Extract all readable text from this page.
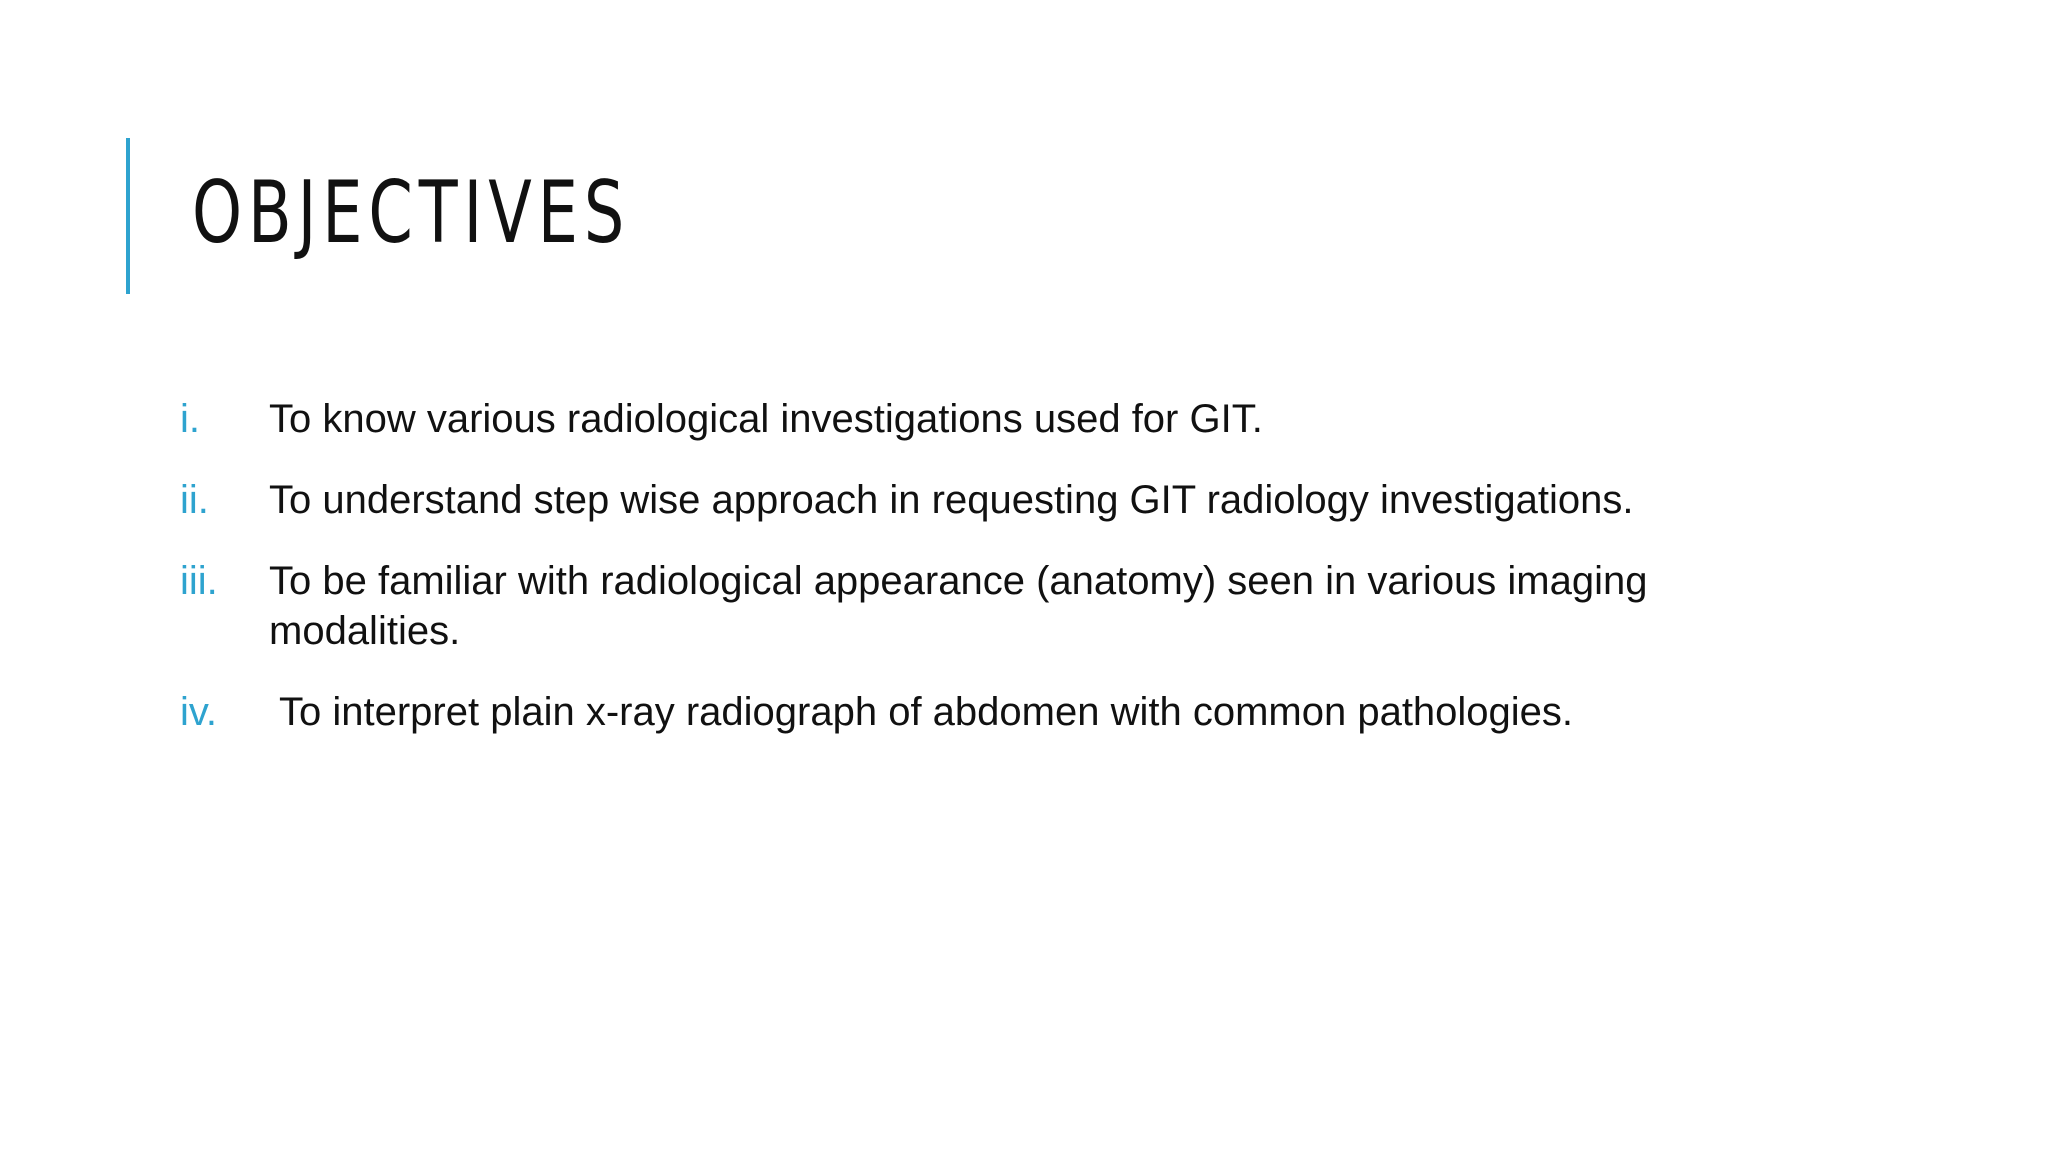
OBJECTIVES
i. To know various radiological investigations used for GIT.
ii. To understand step wise approach in requesting GIT radiology investigations.
iii. To be familiar with radiological appearance (anatomy) seen in various imaging modalities.
iv. To interpret plain x-ray radiograph of abdomen with common pathologies.
